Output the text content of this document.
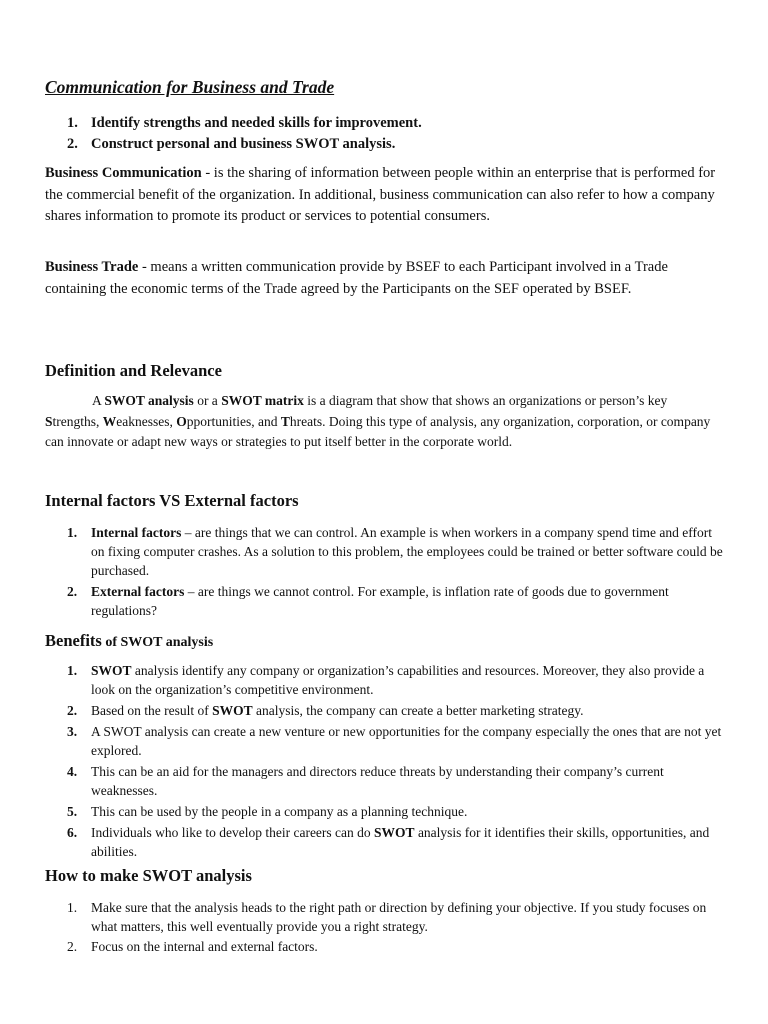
Communication for Business and Trade
1. Identify strengths and needed skills for improvement.
2. Construct personal and business SWOT analysis.

Business Communication - is the sharing of information between people within an enterprise that is performed for the commercial benefit of the organization. In additional, business communication can also refer to how a company shares information to promote its product or services to potential consumers.

Business Trade - means a written communication provide by BSEF to each Participant involved in a Trade containing the economic terms of the Trade agreed by the Participants on the SEF operated by BSEF.

Definition and Relevance

A SWOT analysis or a SWOT matrix is a diagram that show that shows an organizations or person’s key Strengths, Weaknesses, Opportunities, and Threats. Doing this type of analysis, any organization, corporation, or company can innovate or adapt new ways or strategies to put itself better in the corporate world.

Internal factors VS External factors
1. Internal factors – are things that we can control. An example is when workers in a company spend time and effort on fixing computer crashes. As a solution to this problem, the employees could be trained or better software could be purchased.
2. External factors – are things we cannot control. For example, is inflation rate of goods due to government regulations?
Benefits of SWOT analysis
1. SWOT analysis identify any company or organization’s capabilities and resources. Moreover, they also provide a look on the organization’s competitive environment.
2. Based on the result of SWOT analysis, the company can create a better marketing strategy.
3. A SWOT analysis can create a new venture or new opportunities for the company especially the ones that are not yet explored.
4. This can be an aid for the managers and directors reduce threats by understanding their company’s current weaknesses.
5. This can be used by the people in a company as a planning technique.
6. Individuals who like to develop their careers can do SWOT analysis for it identifies their skills, opportunities, and abilities.
How to make SWOT analysis
1. Make sure that the analysis heads to the right path or direction by defining your objective. If you study focuses on what matters, this well eventually provide you a right strategy.
2. Focus on the internal and external factors.
